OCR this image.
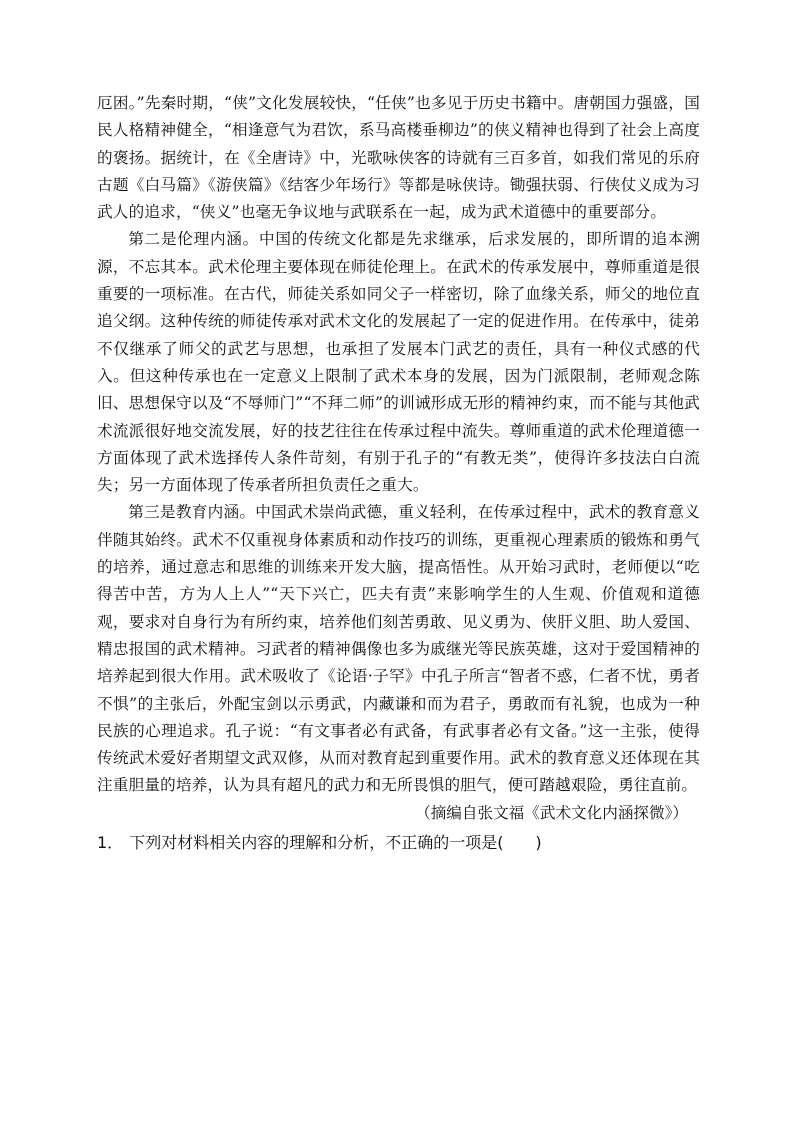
厄困。”先秦时期，“侠”文化发展较快，“任侠”也多见于历史书籍中。唐朝国力强盛，国民人格精神健全，“相逢意气为君饮，系马高楼垂柳边”的侠义精神也得到了社会上高度的褒扬。据统计，在《全唐诗》中，光歌咏侠客的诗就有三百多首，如我们常见的乐府古题《白马篇》《游侠篇》《结客少年场行》等都是咏侠诗。锄强扶弱、行侠仗义成为习武人的追求，“侠义”也毫无争议地与武联系在一起，成为武术道德中的重要部分。

第二是伦理内涵。中国的传统文化都是先求继承，后求发展的，即所谓的追本溯源，不忘其本。武术伦理主要体现在师徒伦理上。在武术的传承发展中，尊师重道是很重要的一项标准。在古代，师徒关系如同父子一样密切，除了血缘关系，师父的地位直追父纲。这种传统的师徒传承对武术文化的发展起了一定的促进作用。在传承中，徒弟不仅继承了师父的武艺与思想，也承担了发展本门武艺的责任，具有一种仪式感的代入。但这种传承也在一定意义上限制了武术本身的发展，因为门派限制，老师观念陈旧、思想保守以及“不辱师门”“不拜二师”的训诫形成无形的精神约束，而不能与其他武术流派很好地交流发展，好的技艺往往在传承过程中流失。尊师重道的武术伦理道德一方面体现了武术选择传人条件苛刻，有别于孔子的“有教无类”，使得许多技法白白流失；另一方面体现了传承者所担负责任之重大。

第三是教育内涵。中国武术崇尚武德，重义轻利，在传承过程中，武术的教育意义伴随其始终。武术不仅重视身体素质和动作技巧的训练，更重视心理素质的锻炼和勇气的培养，通过意志和思维的训练来开发大脑，提高悟性。从开始习武时，老师便以“吃得苦中苦，方为人上人”“天下兴亡，匹夫有责”来影响学生的人生观、价值观和道德观，要求对自身行为有所约束，培养他们刻苦勇敢、见义勇为、侠肝义胆、助人爱国、精忠报国的武术精神。习武者的精神偶像也多为戚继光等民族英雄，这对于爱国精神的培养起到很大作用。武术吸收了《论语·子罕》中孔子所言“智者不惑，仁者不忧，勇者不惧”的主张后，外配宝剑以示勇武，内藏谦和而为君子，勇敢而有礼貌，也成为一种民族的心理追求。孔子说：“有文事者必有武备，有武事者必有文备。”这一主张，使得传统武术爱好者期望文武双修，从而对教育起到重要作用。武术的教育意义还体现在其注重胆量的培养，认为具有超凡的武力和无所畏惧的胆气，便可踏越艰险，勇往直前。

（摘编自张文福《武术文化内涵探微》）

1． 下列对材料相关内容的理解和分析，不正确的一项是(　　)
